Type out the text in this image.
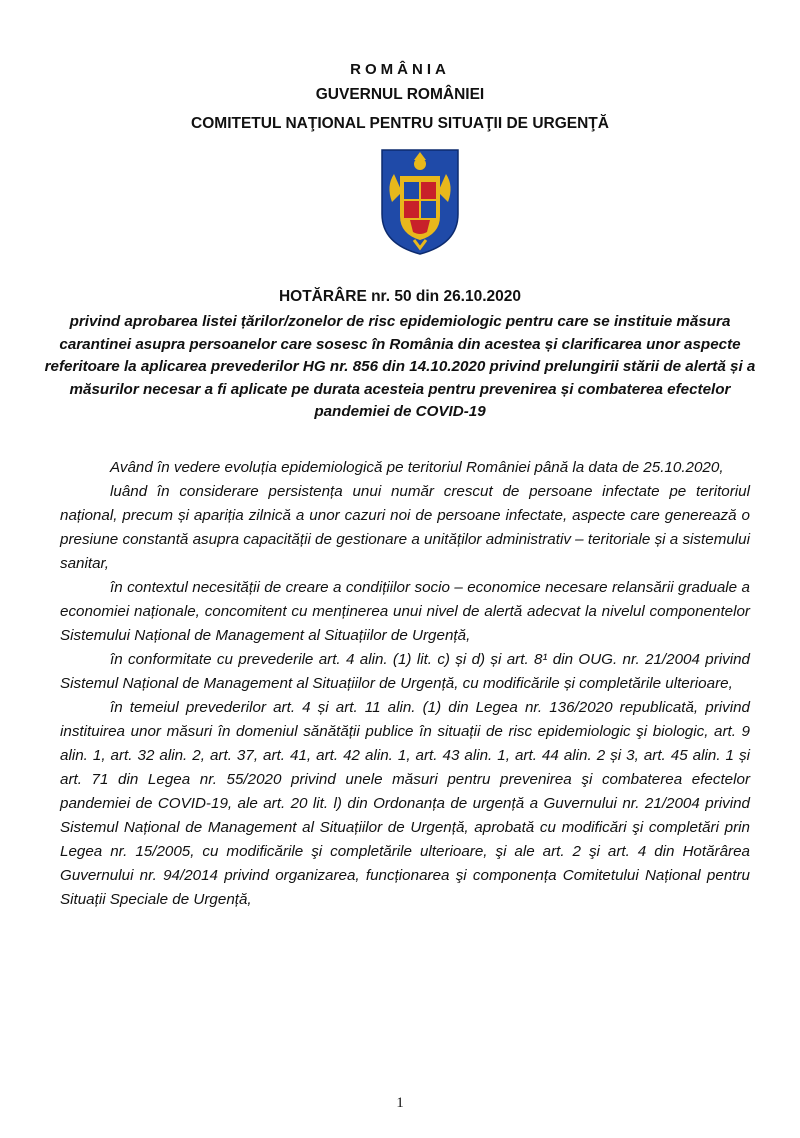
ROMÂNIA
GUVERNUL ROMÂNIEI
COMITETUL NAŢIONAL PENTRU SITUAŢII DE URGENŢĂ
HOTĂRÂRE nr. 50 din 26.10.2020
privind aprobarea listei țărilor/zonelor de risc epidemiologic pentru care se instituie măsura carantinei asupra persoanelor care sosesc în România din acestea și clarificarea unor aspecte referitoare la aplicarea prevederilor HG nr. 856 din 14.10.2020 privind prelungirii stării de alertă și a măsurilor necesar a fi aplicate pe durata acesteia pentru prevenirea și combaterea efectelor pandemiei de COVID-19

Având în vedere evoluția epidemiologică pe teritoriul României până la data de 25.10.2020,

luând în considerare persistența unui număr crescut de persoane infectate pe teritoriul național, precum și apariția zilnică a unor cazuri noi de persoane infectate, aspecte care generează o presiune constantă asupra capacității de gestionare a unităților administrativ – teritoriale și a sistemului sanitar,

în contextul necesității de creare a condițiilor socio – economice necesare relansării graduale a economiei naționale, concomitent cu menținerea unui nivel de alertă adecvat la nivelul componentelor Sistemului Național de Management al Situațiilor de Urgență,

în conformitate cu prevederile art. 4 alin. (1) lit. c) și d) și art. 8¹ din OUG. nr. 21/2004 privind Sistemul Național de Management al Situațiilor de Urgență, cu modificările și completările ulterioare,

în temeiul prevederilor art. 4 și art. 11 alin. (1) din Legea nr. 136/2020 republicată, privind instituirea unor măsuri în domeniul sănătății publice în situații de risc epidemiologic şi biologic, art. 9 alin. 1, art. 32 alin. 2, art. 37, art. 41, art. 42 alin. 1, art. 43 alin. 1, art. 44 alin. 2 și 3, art. 45 alin. 1 și art. 71 din Legea nr. 55/2020 privind unele măsuri pentru prevenirea şi combaterea efectelor pandemiei de COVID-19, ale art. 20 lit. l) din Ordonanța de urgență a Guvernului nr. 21/2004 privind Sistemul Național de Management al Situațiilor de Urgență, aprobată cu modificări şi completări prin Legea nr. 15/2005, cu modificările şi completările ulterioare, şi ale art. 2 şi art. 4 din Hotărârea Guvernului nr. 94/2014 privind organizarea, funcționarea şi componența Comitetului Național pentru Situații Speciale de Urgență,

1
